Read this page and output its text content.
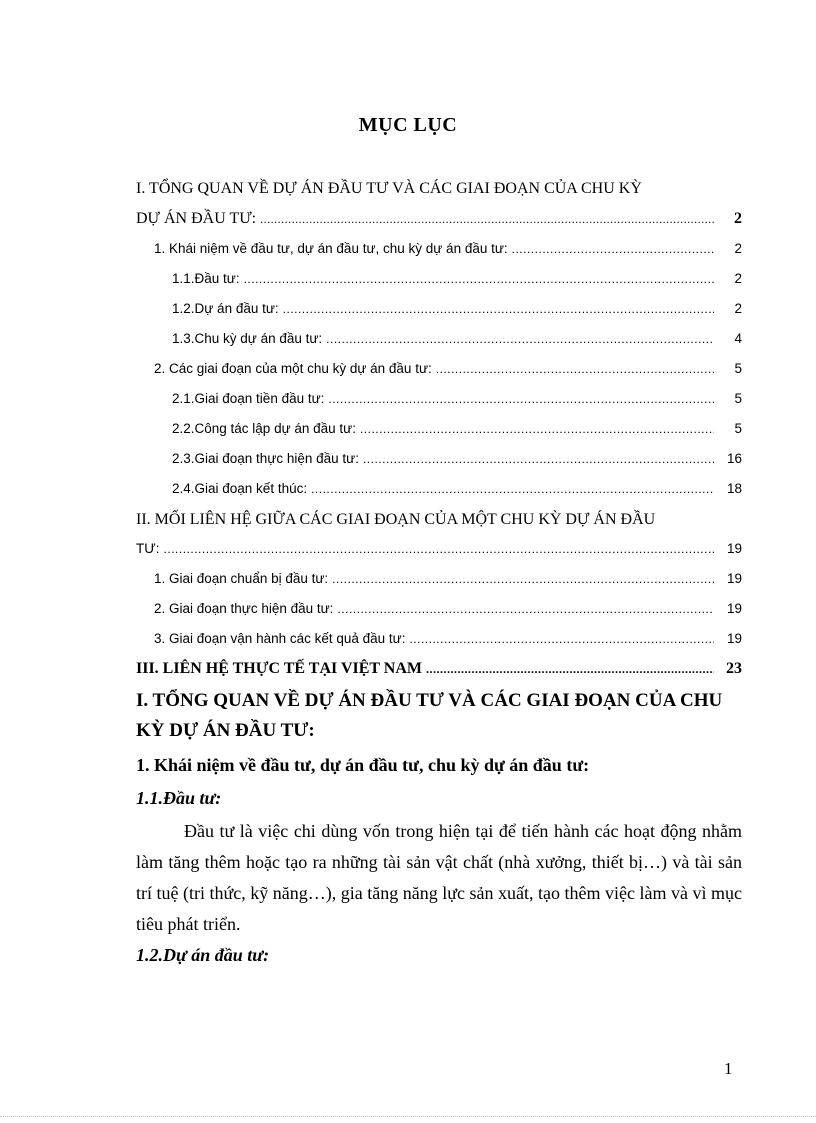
MỤC LỤC
I. TỔNG QUAN VỀ DỰ ÁN ĐẦU TƯ VÀ CÁC GIAI ĐOẠN CỦA CHU KỲ
DỰ ÁN ĐẦU TƯ: .....	2
1. Khái niệm về đầu tư, dự án đầu tư, chu kỳ dự án đầu tư: .....	2
1.1.Đầu tư: .....	2
1.2.Dự án đầu tư: .....	2
1.3.Chu kỳ dự án đầu tư: .....	4
2. Các giai đoạn của một chu kỳ dự án đầu tư: .....	5
2.1.Giai đoạn tiền đầu tư: .....	5
2.2.Công tác lập dự án đầu tư: .....	5
2.3.Giai đoạn thực hiện đầu tư: .....	16
2.4.Giai đoạn kết thúc: .....	18
II. MỐI LIÊN HỆ GIỮA CÁC GIAI ĐOẠN CỦA MỘT CHU KỲ DỰ ÁN ĐẦU
TƯ: .....	19
1. Giai đoạn chuẩn bị đầu tư: .....	19
2. Giai đoạn thực hiện đầu tư: .....	19
3. Giai đoạn vận hành các kết quả đầu tư: .....	19
III. LIÊN HỆ THỰC TẾ TẠI VIỆT NAM .....	23
I. TỔNG QUAN VỀ DỰ ÁN ĐẦU TƯ VÀ CÁC GIAI ĐOẠN CỦA CHU KỲ DỰ ÁN ĐẦU TƯ:
1. Khái niệm về đầu tư, dự án đầu tư, chu kỳ dự án đầu tư:
1.1.Đầu tư:
Đầu tư là việc chi dùng vốn trong hiện tại để tiến hành các hoạt động nhằm làm tăng thêm hoặc tạo ra những tài sản vật chất (nhà xưởng, thiết bị…) và tài sản trí tuệ (tri thức, kỹ năng…), gia tăng năng lực sản xuất, tạo thêm việc làm và vì mục tiêu phát triển.
1.2.Dự án đầu tư:
1
